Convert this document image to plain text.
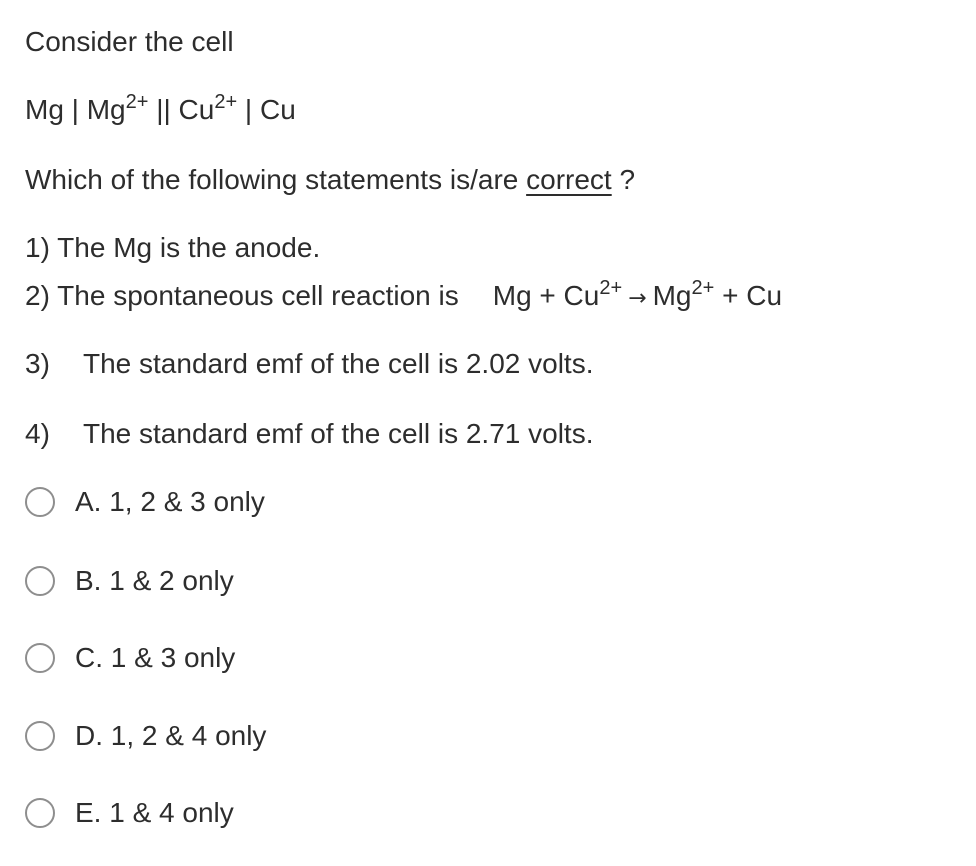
Consider the cell
Mg | $Mg^{2+}$ || $Cu^{2+}$ | Cu
Which of the following statements is/are correct ?
1) The Mg is the anode.
2) The spontaneous cell reaction is $Mg + Cu^{2+} \to Mg^{2+} + Cu$
3) The standard emf of the cell is 2.02 volts.
4) The standard emf of the cell is 2.71 volts.
A. 1, 2 & 3 only
B. 1 & 2 only
C. 1 & 3 only
D. 1, 2 & 4 only
E. 1 & 4 only
